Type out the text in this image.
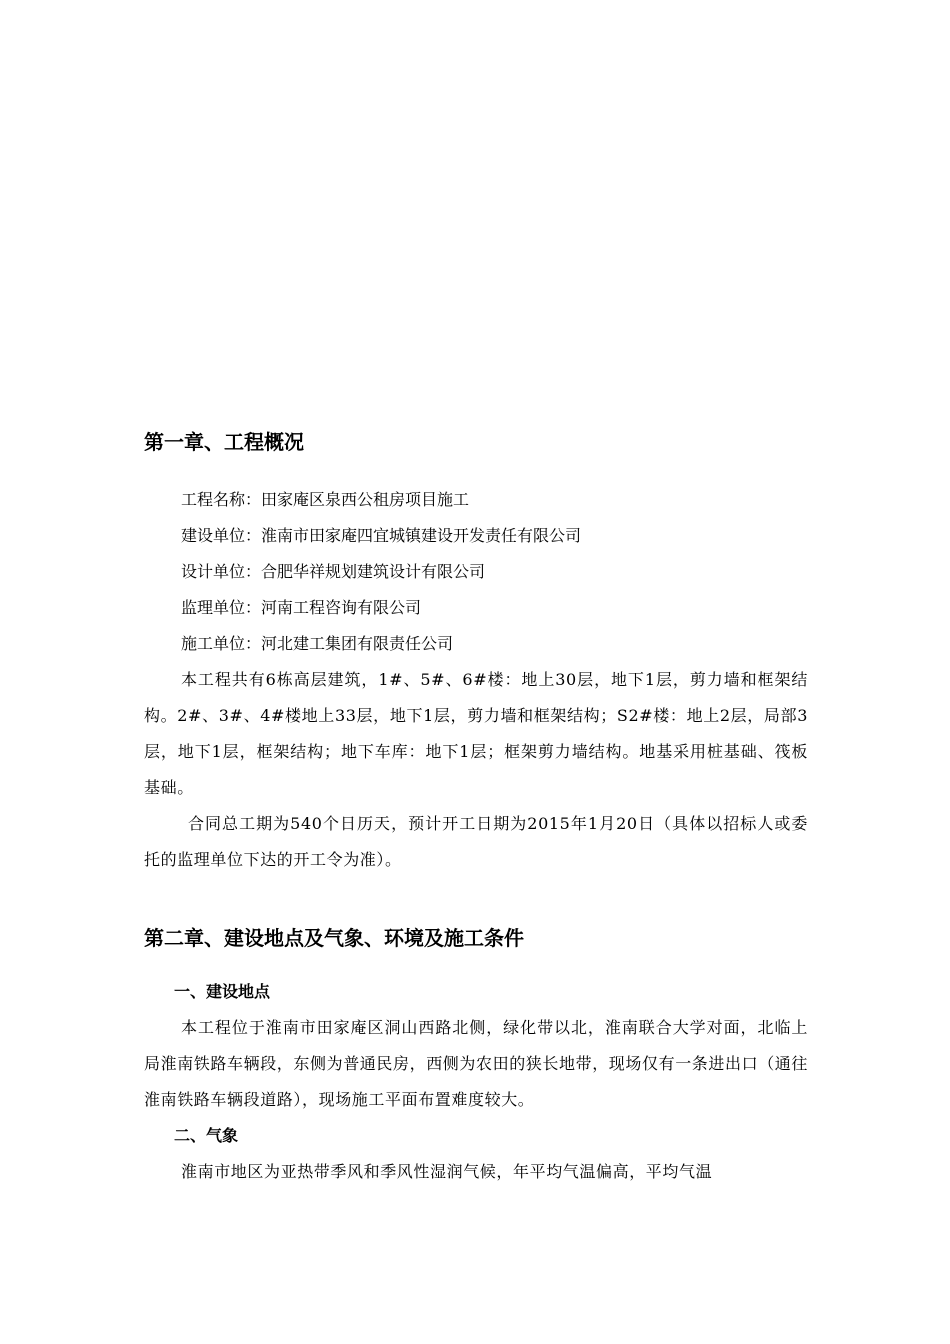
第一章、工程概况
工程名称：田家庵区泉西公租房项目施工
建设单位：淮南市田家庵四宜城镇建设开发责任有限公司
设计单位：合肥华祥规划建筑设计有限公司
监理单位：河南工程咨询有限公司
施工单位：河北建工集团有限责任公司

本工程共有6栋高层建筑，1#、5#、6#楼：地上30层，地下1层，剪力墙和框架结构。2#、3#、4#楼地上33层，地下1层，剪力墙和框架结构；S2#楼：地上2层，局部3层，地下1层，框架结构；地下车库：地下1层；框架剪力墙结构。地基采用桩基础、筏板基础。

合同总工期为540个日历天，预计开工日期为2015年1月20日（具体以招标人或委托的监理单位下达的开工令为准）。

第二章、建设地点及气象、环境及施工条件
一、建设地点

本工程位于淮南市田家庵区洞山西路北侧，绿化带以北，淮南联合大学对面，北临上局淮南铁路车辆段，东侧为普通民房，西侧为农田的狭长地带，现场仅有一条进出口（通往淮南铁路车辆段道路），现场施工平面布置难度较大。

二、气象

淮南市地区为亚热带季风和季风性湿润气候，年平均气温偏高，平均气温
